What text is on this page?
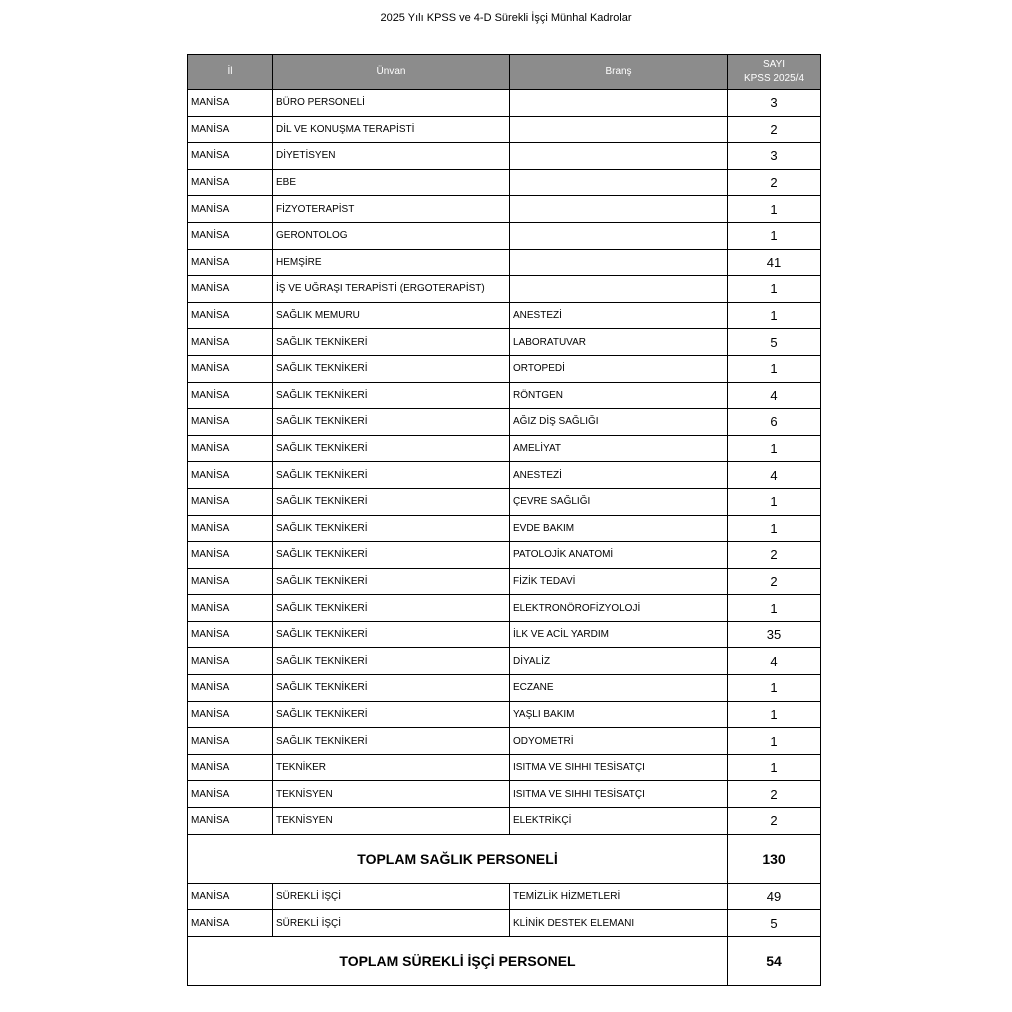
2025 Yılı KPSS ve 4-D Sürekli İşçi Münhal Kadrolar
İl	Ünvan	Branş	SAYI
KPSS 2025/4

MANİSA	BÜRO PERSONELİ		3
MANİSA	DİL VE KONUŞMA TERAPİSTİ		2
MANİSA	DİYETİSYEN		3
MANİSA	EBE		2
MANİSA	FİZYOTERAPİST		1
MANİSA	GERONTOLOG		1
MANİSA	HEMŞİRE		41
MANİSA	İŞ VE UĞRAŞI TERAPİSTİ (ERGOTERAPİST)		1
MANİSA	SAĞLIK MEMURU	ANESTEZİ	1
MANİSA	SAĞLIK TEKNİKERİ	LABORATUVAR	5
MANİSA	SAĞLIK TEKNİKERİ	ORTOPEDİ	1
MANİSA	SAĞLIK TEKNİKERİ	RÖNTGEN	4
MANİSA	SAĞLIK TEKNİKERİ	AĞIZ DİŞ SAĞLIĞI	6
MANİSA	SAĞLIK TEKNİKERİ	AMELİYAT	1
MANİSA	SAĞLIK TEKNİKERİ	ANESTEZİ	4
MANİSA	SAĞLIK TEKNİKERİ	ÇEVRE SAĞLIĞI	1
MANİSA	SAĞLIK TEKNİKERİ	EVDE BAKIM	1
MANİSA	SAĞLIK TEKNİKERİ	PATOLOJİK ANATOMİ	2
MANİSA	SAĞLIK TEKNİKERİ	FİZİK TEDAVİ	2
MANİSA	SAĞLIK TEKNİKERİ	ELEKTRONÖROFİZYOLOJİ	1
MANİSA	SAĞLIK TEKNİKERİ	İLK VE ACİL YARDIM	35
MANİSA	SAĞLIK TEKNİKERİ	DİYALİZ	4
MANİSA	SAĞLIK TEKNİKERİ	ECZANE	1
MANİSA	SAĞLIK TEKNİKERİ	YAŞLI BAKIM	1
MANİSA	SAĞLIK TEKNİKERİ	ODYOMETRİ	1
MANİSA	TEKNİKER	ISITMA VE SIHHI TESİSATÇI	1
MANİSA	TEKNİSYEN	ISITMA VE SIHHI TESİSATÇI	2
MANİSA	TEKNİSYEN	ELEKTRİKÇİ	2
TOPLAM SAĞLIK PERSONELİ			130
MANİSA	SÜREKLİ İŞÇİ	TEMİZLİK HİZMETLERİ	49
MANİSA	SÜREKLİ İŞÇİ	KLİNİK DESTEK ELEMANI	5
TOPLAM SÜREKLİ İŞÇİ PERSONEL			54
